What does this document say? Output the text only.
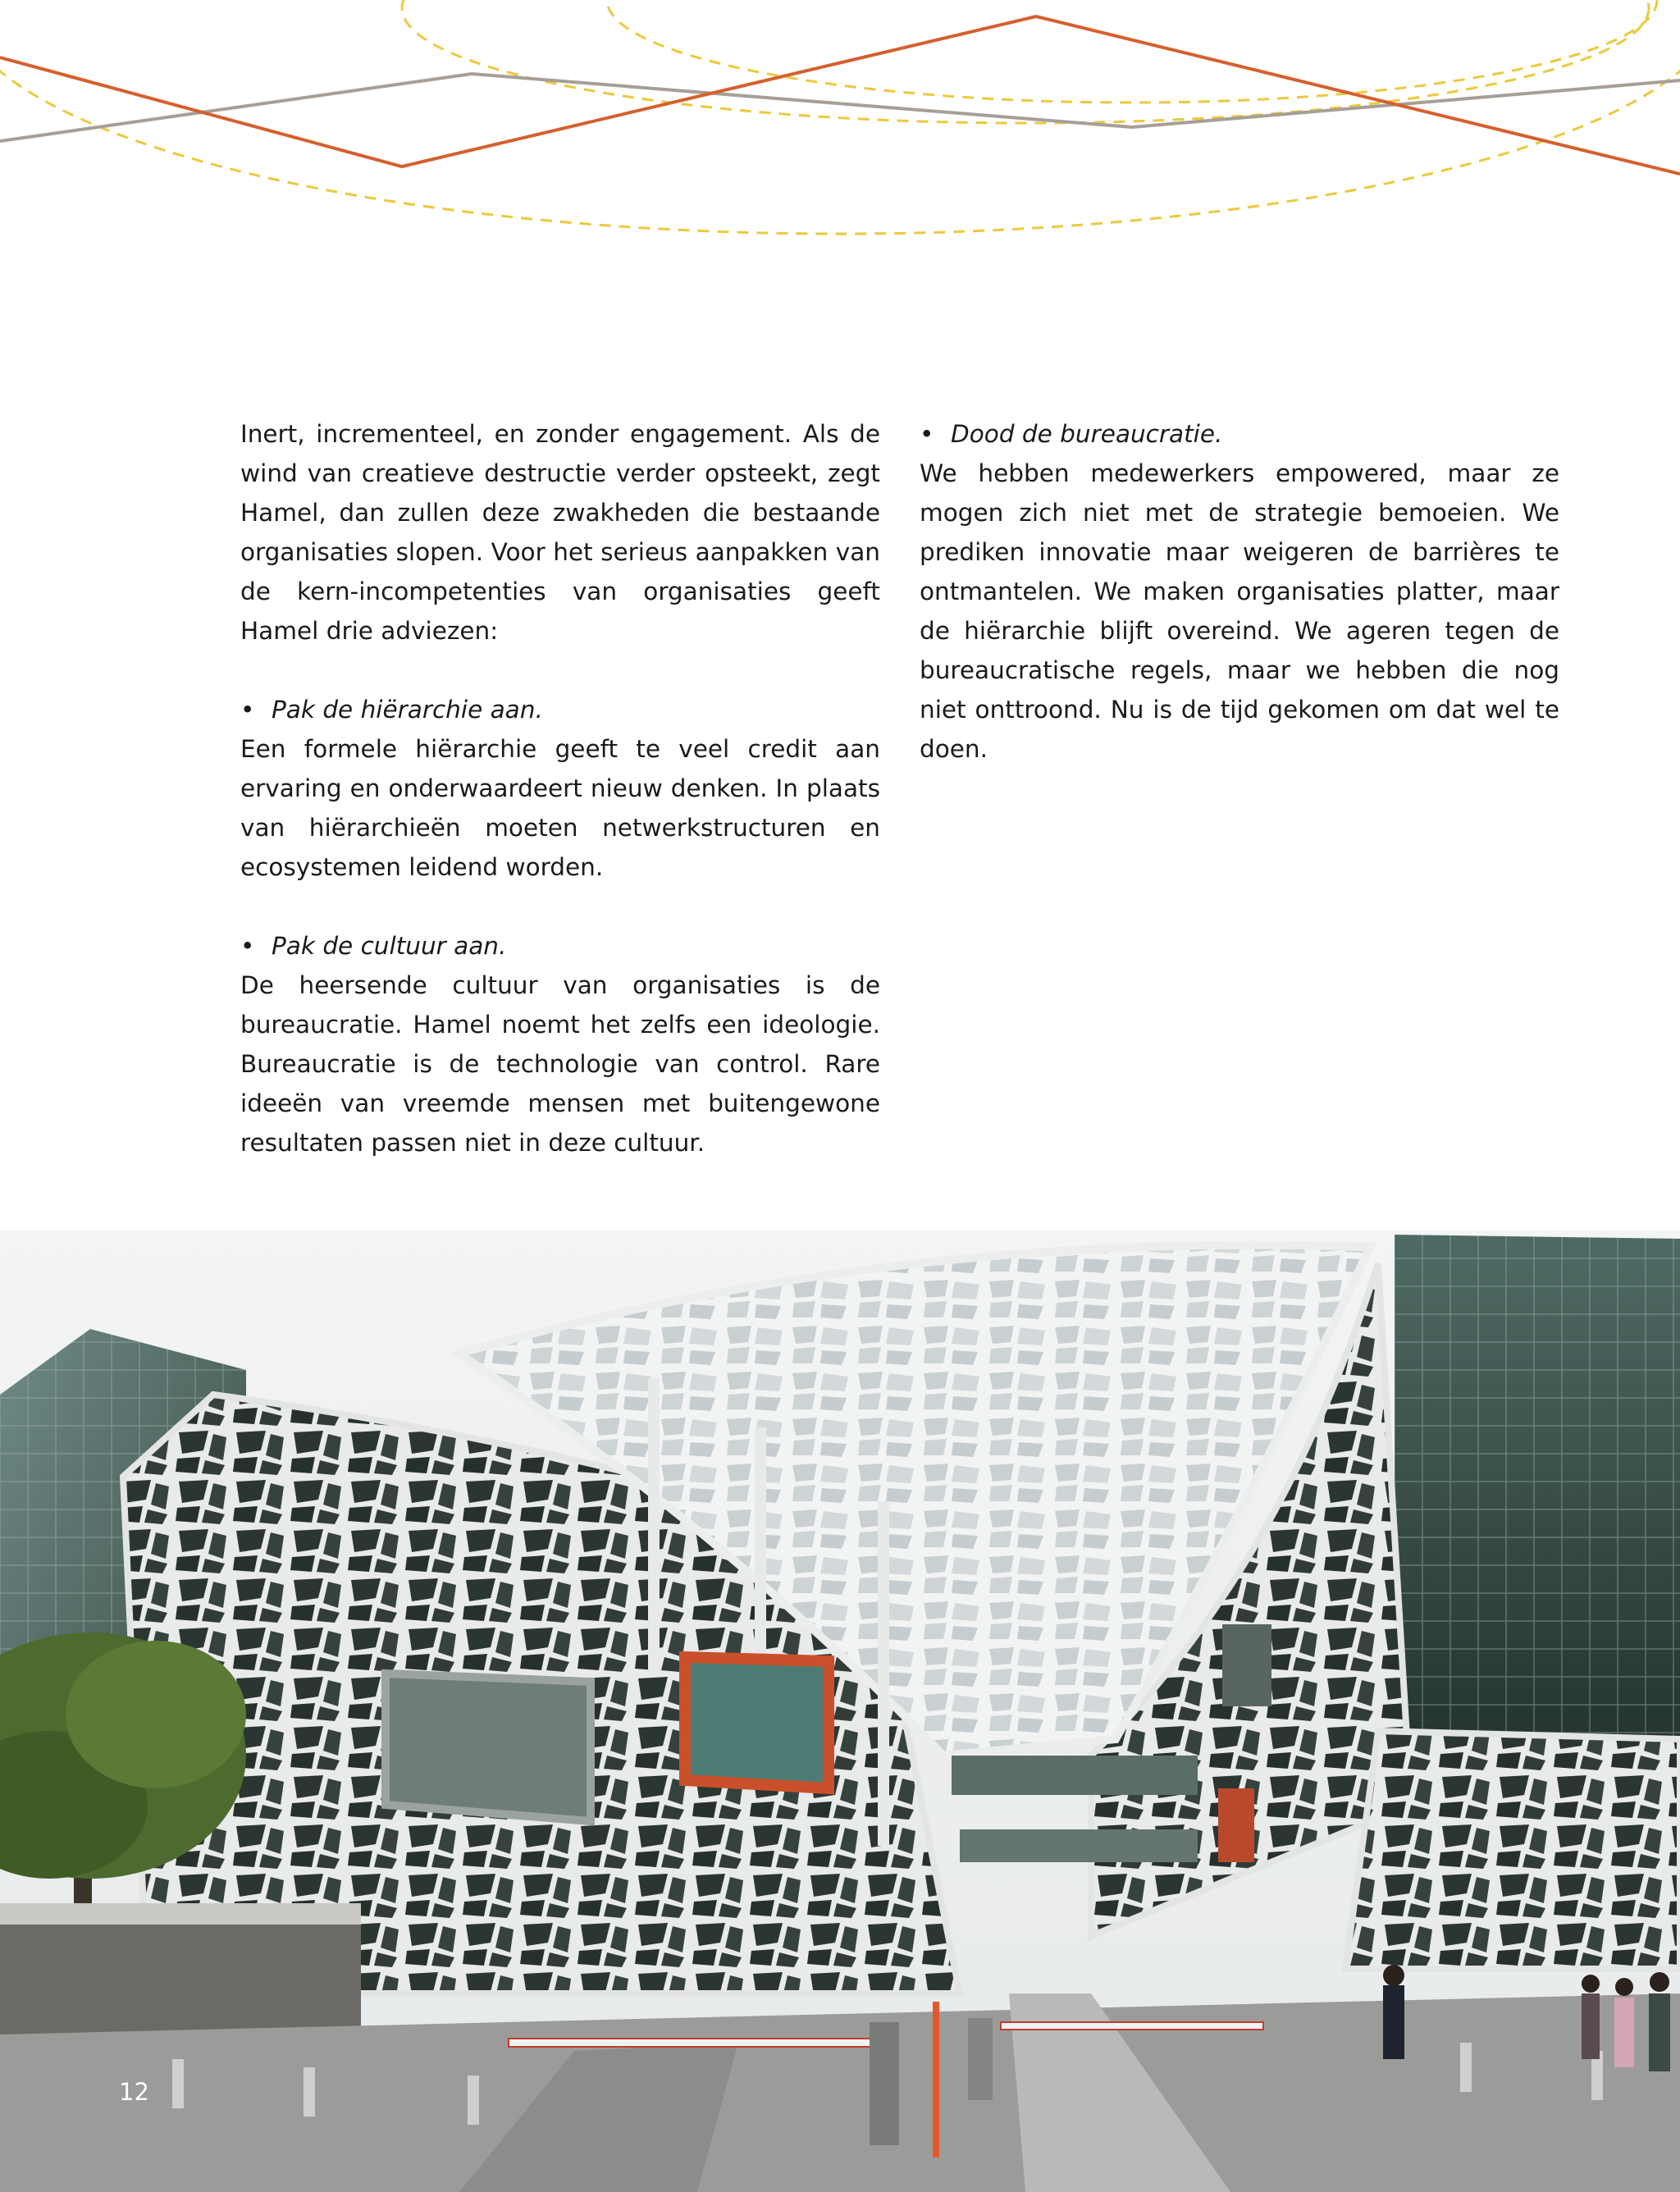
Inert, incrementeel, en zonder engagement. Als de wind van creatieve destructie verder opsteekt, zegt Hamel, dan zullen deze zwakheden die bestaande organisaties slopen. Voor het serieus aanpakken van de kern-incompetenties van organisaties geeft Hamel drie adviezen:

• Pak de hiërarchie aan.

Een formele hiërarchie geeft te veel credit aan ervaring en onderwaardeert nieuw denken. In plaats van hiërarchieën moeten netwerkstructuren en ecosystemen leidend worden.

• Pak de cultuur aan.

De heersende cultuur van organisaties is de bureaucratie. Hamel noemt het zelfs een ideologie. Bureaucratie is de technologie van control. Rare ideeën van vreemde mensen met buitengewone resultaten passen niet in deze cultuur.

• Dood de bureaucratie.

We hebben medewerkers empowered, maar ze mogen zich niet met de strategie bemoeien. We prediken innovatie maar weigeren de barrières te ontmantelen. We maken organisaties platter, maar de hiërarchie blijft overeind. We ageren tegen de bureaucratische regels, maar we hebben die nog niet onttroond. Nu is de tijd gekomen om dat wel te doen.

12
